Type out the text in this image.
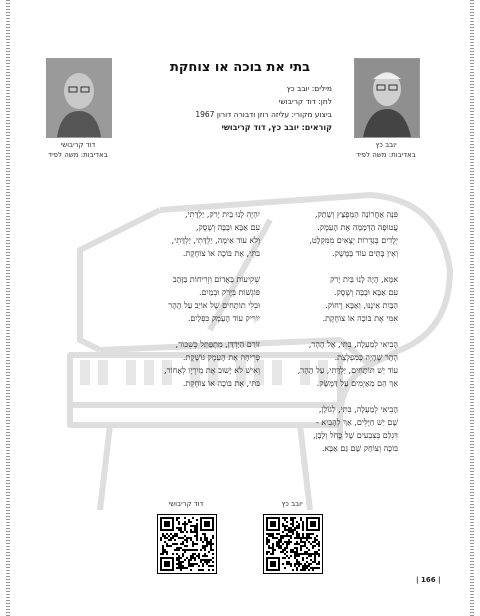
דוד קריבושי
באדיבות: משה לפיד
יובב כץ
באדיבות: משה לפיד
בתי את בוכה או צוחקת
מילים: יובב כץ
לחן: דוד קריבושי
ביצוע מקורי: עליזה רוזן ודבורה דורון 1967
קוראים: יובב כץ, דוד קריבושי
פִּנָּה אַחֲרוֹנָה הַמְּפֻצָּץ וְשָׁתַק,
עֲטוּפָה הַדְּמָמָה אֶת הָעֵמֶק.
יְלָדִים בְּגַדְרוֹת יְצָאִים מִמִּקְלָט,
וְאֵין בָּתֵּים עוֹד בַּמֶּשֶׁק.
אִמָּא, הָיָה לָנוּ בַּיִת יָרֹק
עִם אַבָּא וּבֻבָּה וְשֶׁסֶק.
הַבַּיִת אֵינֶנּוּ, וְאַבָּא רָחוֹק.
אִמִּי אֶת בּוֹכָה אוֹ צוֹחֶקֶת.
הָבִיאִי לְמַעְלָה, בִּתִּי, אֶל הָהָר,
הָהָר שֶׁהָיָה כְּמִפְלֶצֶת.
עוֹד יֵשׁ תּוֹתָחִים, יַלְדָּתִי, עַל הָהָר,
אַךְ הֵם מֵאַיְמִים עַל דַּמֶּשֶׂק.
הָבִיאִי לְמַעְלָה, בִּתִּי, לְגוֹלָן,
שָׁם יֵשׁ חַיָּלִים, אַךְ לְהָבִיא -
דִּגְלֵם בְּצִבְעִים שֶׁל כָּחֹל וְלָבָן,
בּוֹכָה וְצוֹחֵק שָׁם גַּם אַבָּא.
יִהְיֶה לָנוּ בַּיִת יָרֹק, יַלְדָּתִי,
עִם אַבָּא וּבֻבָּה וְשֶׁסֶק,
וְלֹא עוֹד אֵימָה, יַלְדָּתִי, יַלְדָּתִי,
בִּתִּי, אֶת בּוֹכָה אוֹ צוֹחֶקֶת.
שְׁקִיעוֹת בַּאֲדוֹם וְזְרִיחוֹת בַּזָּהָב
פּוֹגְשׁוֹת בְּיָרֹק וּבְמַיִם.
וּבְלִי תוֹתָחִים שֶׁל אוֹיֵב עַל הָהָר
יוֹרִיק עוֹד הָעֵמֶק כִּפְלַיִם.
זוֹרֵם הַיַּרְדֵּן, מִתְפַּתֵּל כְּשִׁכּוֹר,
פְּרִיחָה אֶת הָעֵמֶק גּוֹשֶׁקֶת.
וְאִישׁ לֹא יָשׁוּב אֶת מְיִרְיָו לְאָחוֹר,
בִּתִּי, אֶת בּוֹכָה אוֹ צוֹחֶקֶת.
דוד קריבושי	יובב כץ
| 166 |
